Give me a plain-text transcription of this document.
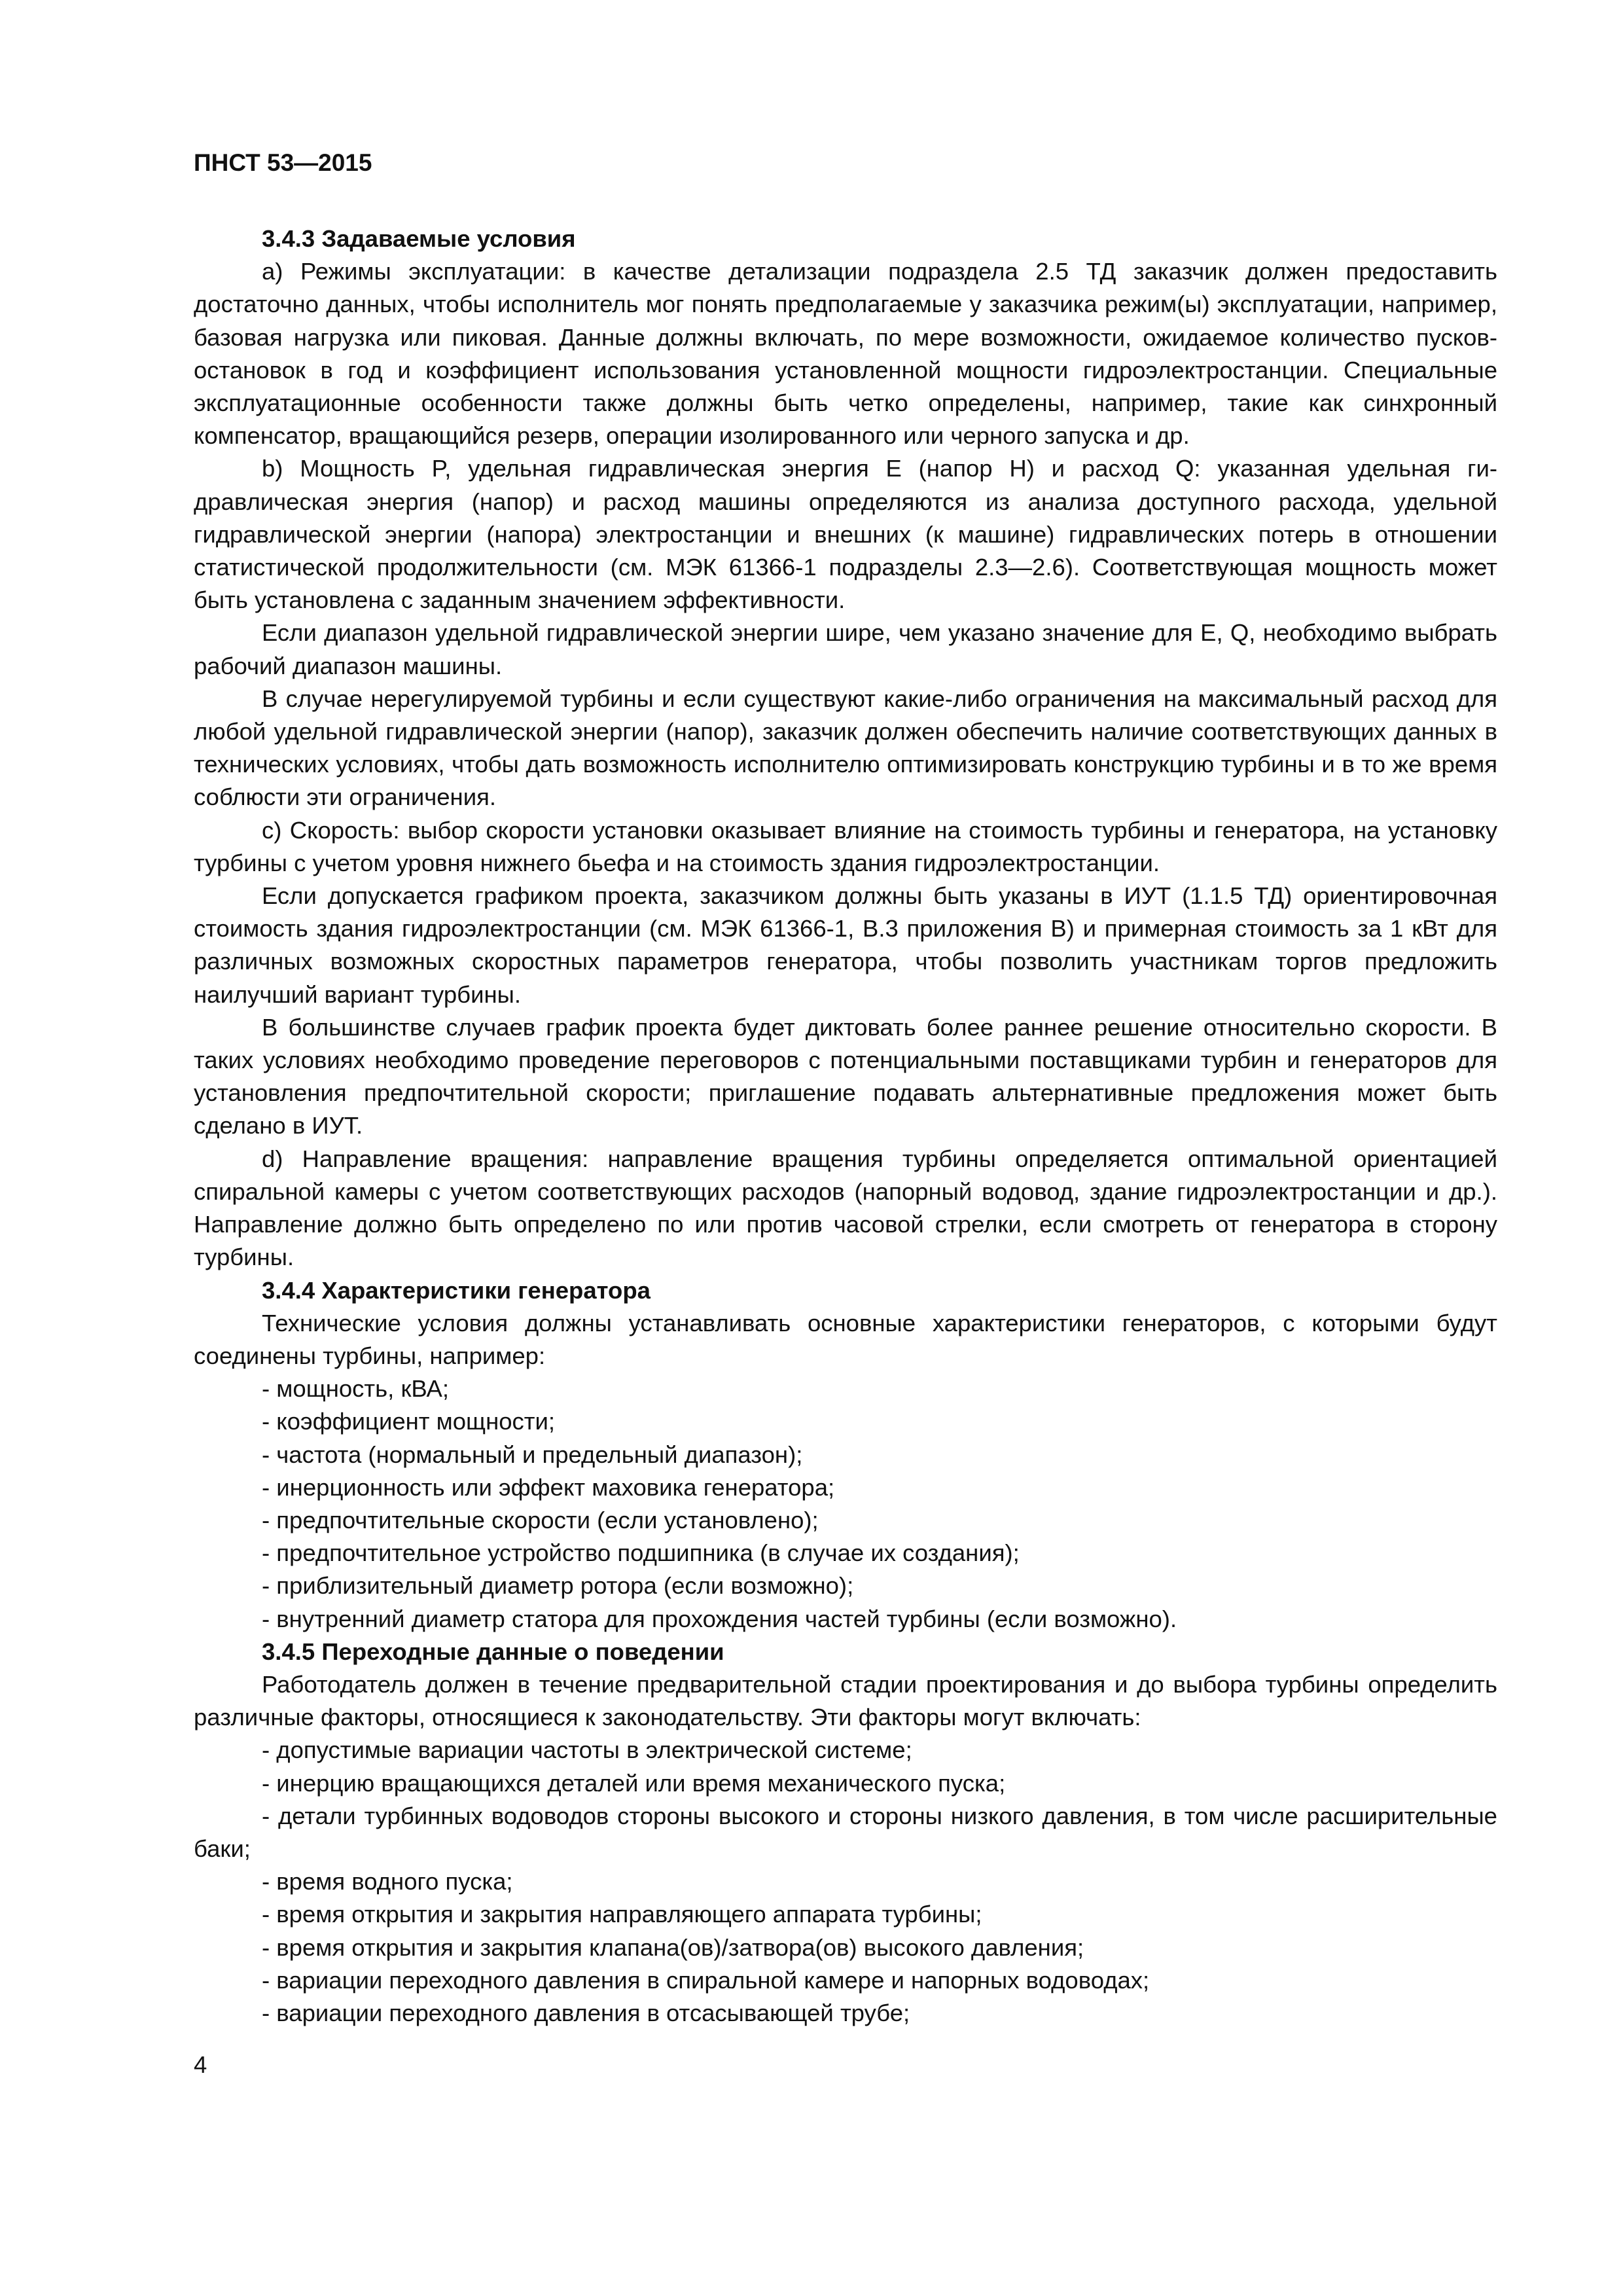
ПНСТ 53—2015
3.4.3 Задаваемые условия

a) Режимы эксплуатации: в качестве детализации подраздела 2.5 ТД заказчик должен предоставить достаточно данных, чтобы исполнитель мог понять предполагаемые у заказчика режим(ы) эксплуатации, например, базовая нагрузка или пиковая. Данные должны включать, по мере возможности, ожидаемое количество пусков-остановок в год и коэффициент использования установленной мощности гидроэлектростанции. Специальные эксплуатационные особенности также должны быть четко определены, например, такие как синхронный компенсатор, вращающийся резерв, операции изолированного или черного запуска и др.

b) Мощность P, удельная гидравлическая энергия E (напор H) и расход Q: указанная удельная гидравлическая энергия (напор) и расход машины определяются из анализа доступного расхода, удельной гидравлической энергии (напора) электростанции и внешних (к машине) гидравлических потерь в отношении статистической продолжительности (см. МЭК 61366-1 подразделы 2.3—2.6). Соответствующая мощность может быть установлена с заданным значением эффективности.

Если диапазон удельной гидравлической энергии шире, чем указано значение для E, Q, необходимо выбрать рабочий диапазон машины.

В случае нерегулируемой турбины и если существуют какие-либо ограничения на максимальный расход для любой удельной гидравлической энергии (напор), заказчик должен обеспечить наличие соответствующих данных в технических условиях, чтобы дать возможность исполнителю оптимизировать конструкцию турбины и в то же время соблюсти эти ограничения.

c) Скорость: выбор скорости установки оказывает влияние на стоимость турбины и генератора, на установку турбины с учетом уровня нижнего бьефа и на стоимость здания гидроэлектростанции.

Если допускается графиком проекта, заказчиком должны быть указаны в ИУТ (1.1.5 ТД) ориентировочная стоимость здания гидроэлектростанции (см. МЭК 61366-1, В.3 приложения В) и примерная стоимость за 1 кВт для различных возможных скоростных параметров генератора, чтобы позволить участникам торгов предложить наилучший вариант турбины.

В большинстве случаев график проекта будет диктовать более раннее решение относительно скорости. В таких условиях необходимо проведение переговоров с потенциальными поставщиками турбин и генераторов для установления предпочтительной скорости; приглашение подавать альтернативные предложения может быть сделано в ИУТ.

d) Направление вращения: направление вращения турбины определяется оптимальной ориентацией спиральной камеры с учетом соответствующих расходов (напорный водовод, здание гидроэлектростанции и др.). Направление должно быть определено по или против часовой стрелки, если смотреть от генератора в сторону турбины.

3.4.4 Характеристики генератора

Технические условия должны устанавливать основные характеристики генераторов, с которыми будут соединены турбины, например:

- мощность, кВА;
- коэффициент мощности;
- частота (нормальный и предельный диапазон);
- инерционность или эффект маховика генератора;
- предпочтительные скорости (если установлено);
- предпочтительное устройство подшипника (в случае их создания);
- приблизительный диаметр ротора (если возможно);
- внутренний диаметр статора для прохождения частей турбины (если возможно).
3.4.5 Переходные данные о поведении

Работодатель должен в течение предварительной стадии проектирования и до выбора турбины определить различные факторы, относящиеся к законодательству. Эти факторы могут включать:

- допустимые вариации частоты в электрической системе;
- инерцию вращающихся деталей или время механического пуска;
- детали турбинных водоводов стороны высокого и стороны низкого давления, в том числе расширительные баки;
- время водного пуска;
- время открытия и закрытия направляющего аппарата турбины;
- время открытия и закрытия клапана(ов)/затвора(ов) высокого давления;
- вариации переходного давления в спиральной камере и напорных водоводах;
- вариации переходного давления в отсасывающей трубе;
4
